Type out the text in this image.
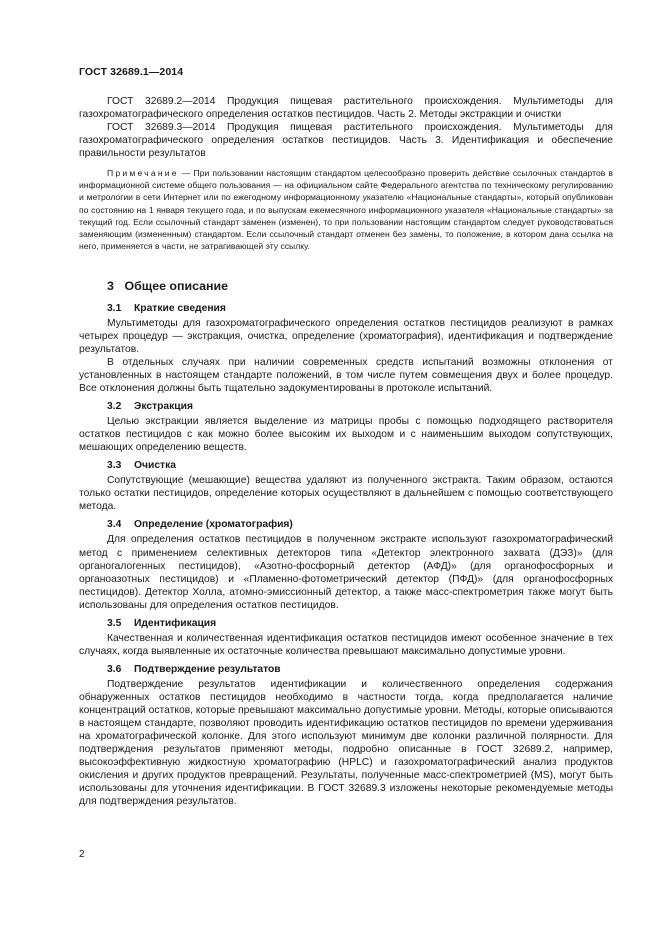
ГОСТ 32689.1—2014

ГОСТ 32689.2—2014 Продукция пищевая растительного происхождения. Мультиметоды для газохроматографического определения остатков пестицидов. Часть 2. Методы экстракции и очистки

ГОСТ 32689.3—2014 Продукция пищевая растительного происхождения. Мультиметоды для газохроматографического определения остатков пестицидов. Часть 3. Идентификация и обеспечение правильности результатов

Примечание — При пользовании настоящим стандартом целесообразно проверить действие ссылочных стандартов в информационной системе общего пользования — на официальном сайте Федерального агентства по техническому регулированию и метрологии в сети Интернет или по ежегодному информационному указателю «Национальные стандарты», который опубликован по состоянию на 1 января текущего года, и по выпускам ежемесячного информационного указателя «Национальные стандарты» за текущий год. Если ссылочный стандарт заменен (изменен), то при пользовании настоящим стандартом следует руководствоваться заменяющим (измененным) стандартом. Если ссылочный стандарт отменен без замены, то положение, в котором дана ссылка на него, применяется в части, не затрагивающей эту ссылку.

3 Общее описание
3.1 Краткие сведения

Мультиметоды для газохроматографического определения остатков пестицидов реализуют в рамках четырех процедур — экстракция, очистка, определение (хроматография), идентификация и подтверждение результатов.

В отдельных случаях при наличии современных средств испытаний возможны отклонения от установленных в настоящем стандарте положений, в том числе путем совмещения двух и более процедур. Все отклонения должны быть тщательно задокументированы в протоколе испытаний.

3.2 Экстракция

Целью экстракции является выделение из матрицы пробы с помощью подходящего растворителя остатков пестицидов с как можно более высоким их выходом и с наименьшим выходом сопутствующих, мешающих определению веществ.

3.3 Очистка

Сопутствующие (мешающие) вещества удаляют из полученного экстракта. Таким образом, остаются только остатки пестицидов, определение которых осуществляют в дальнейшем с помощью соответствующего метода.

3.4 Определение (хроматография)

Для определения остатков пестицидов в полученном экстракте используют газохроматографический метод с применением селективных детекторов типа «Детектор электронного захвата (ДЭЗ)» (для органогалогенных пестицидов), «Азотно-фосфорный детектор (АФД)» (для органофосфорных и органоазотных пестицидов) и «Пламенно-фотометрический детектор (ПФД)» (для органофосфорных пестицидов). Детектор Холла, атомно-эмиссионный детектор, а также масс-спектрометрия также могут быть использованы для определения остатков пестицидов.

3.5 Идентификация

Качественная и количественная идентификация остатков пестицидов имеют особенное значение в тех случаях, когда выявленные их остаточные количества превышают максимально допустимые уровни.

3.6 Подтверждение результатов

Подтверждение результатов идентификации и количественного определения содержания обнаруженных остатков пестицидов необходимо в частности тогда, когда предполагается наличие концентраций остатков, которые превышают максимально допустимые уровни. Методы, которые описываются в настоящем стандарте, позволяют проводить идентификацию остатков пестицидов по времени удерживания на хроматографической колонке. Для этого используют минимум две колонки различной полярности. Для подтверждения результатов применяют методы, подробно описанные в ГОСТ 32689.2, например, высокоэффективную жидкостную хроматографию (HPLC) и газохроматографический анализ продуктов окисления и других продуктов превращений. Результаты, полученные масс-спектрометрией (MS), могут быть использованы для уточнения идентификации. В ГОСТ 32689.3 изложены некоторые рекомендуемые методы для подтверждения результатов.

2
